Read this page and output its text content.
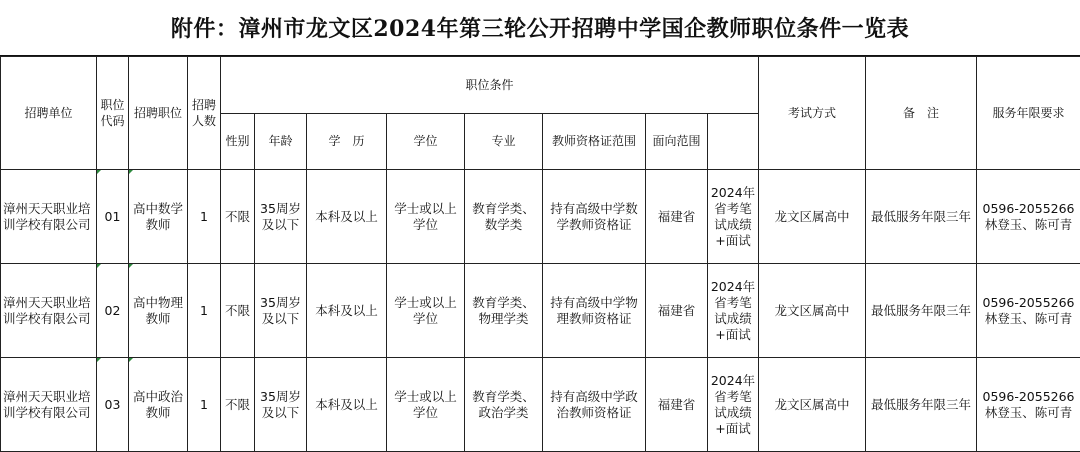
附件：漳州市龙文区2024年第三轮公开招聘中学国企教师职位条件一览表
招聘单位	职位代码	招聘职位	招聘人数	职位条件								考试方式	备　注	服务年限要求	
				性别	年龄	学　历	学位	专业	教师资格证范围	面向范围					
漳州天天职业培训学校有限公司	01	高中数学教师	1	不限	35周岁及以下	本科及以上	学士或以上学位	教育学类、数学类	持有高级中学数学教师资格证	福建省	2024年省考笔试成绩+面试	龙文区属高中	最低服务年限三年	0596-2055266
林登玉、陈可青	

漳州天天职业培训学校有限公司	02	高中物理教师	1	不限	35周岁及以下	本科及以上	学士或以上学位	教育学类、物理学类	持有高级中学物理教师资格证	福建省	2024年省考笔试成绩+面试	龙文区属高中	最低服务年限三年	0596-2055266
林登玉、陈可青	

漳州天天职业培训学校有限公司	03	高中政治教师	1	不限	35周岁及以下	本科及以上	学士或以上学位	教育学类、政治学类	持有高级中学政治教师资格证	福建省	2024年省考笔试成绩+面试	龙文区属高中	最低服务年限三年	0596-2055266
林登玉、陈可青	
